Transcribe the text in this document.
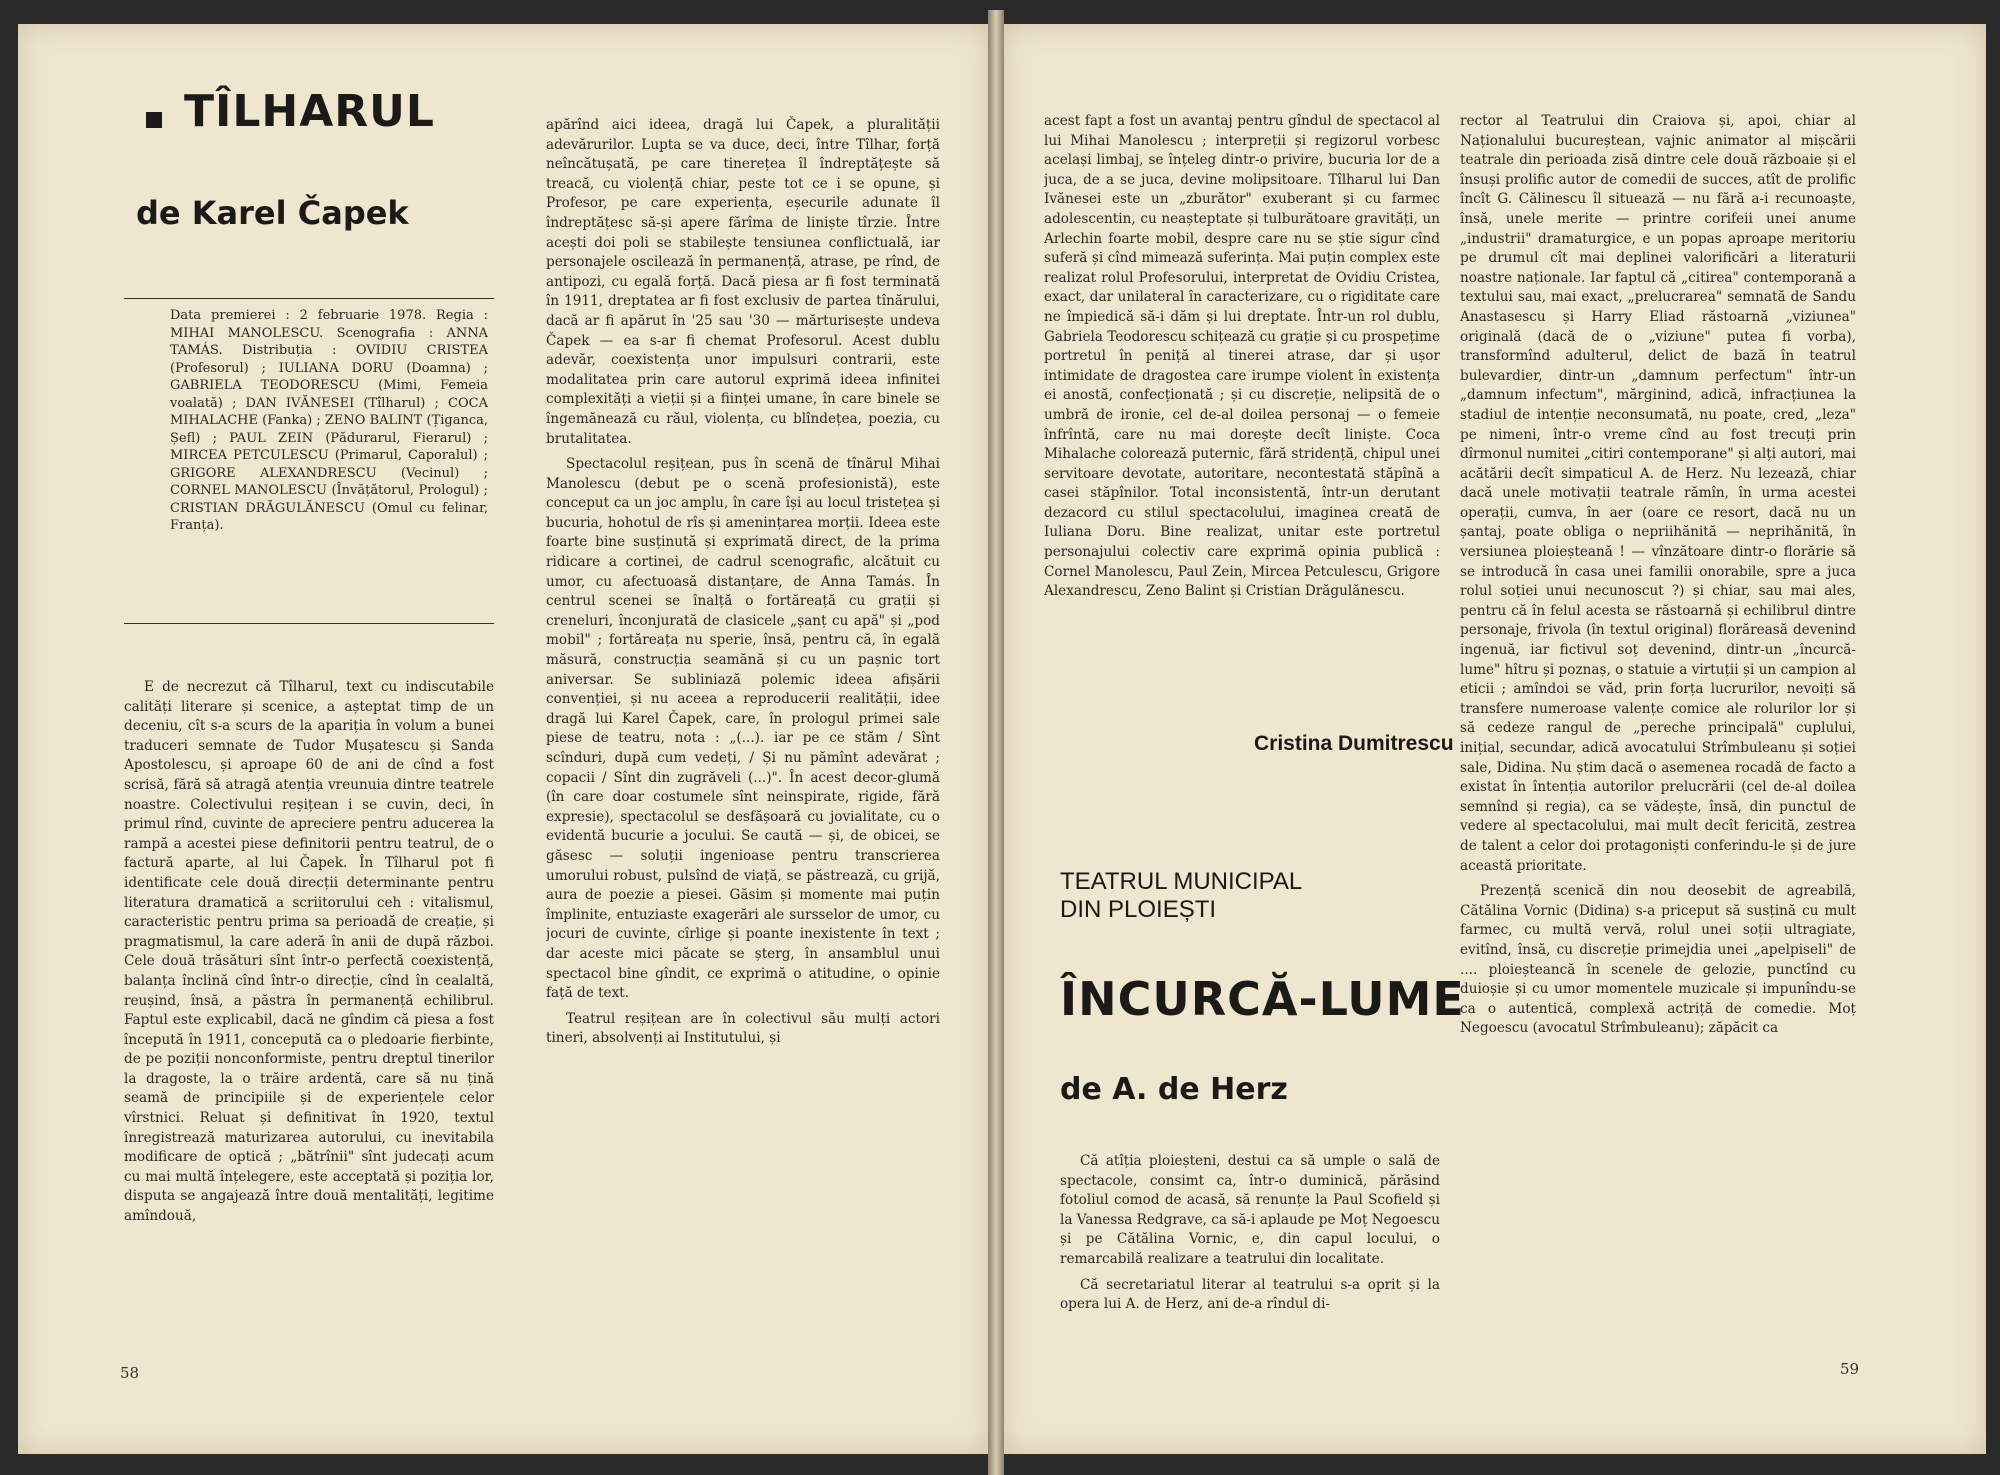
TÎLHARUL
de Karel Čapek
Data premierei : 2 februarie 1978. Regia : MIHAI MANOLESCU. Scenografia : ANNA TAMÁS. Distribuția : OVIDIU CRISTEA (Profesorul) ; IULIANA DORU (Doamna) ; GABRIELA TEODORESCU (Mimi, Femeia voalată) ; DAN IVĂNESEI (Tîlharul) ; COCA MIHALACHE (Fanka) ; ZENO BALINT (Țiganca, Șefl) ; PAUL ZEIN (Pădurarul, Fierarul) ; MIRCEA PETCULESCU (Primarul, Caporalul) ; GRIGORE ALEXANDRESCU (Vecinul) ; CORNEL MANOLESCU (Învățătorul, Prologul) ; CRISTIAN DRĂGULĂNESCU (Omul cu felinar, Franța).

E de necrezut că Tîlharul, text cu indiscutabile calități literare și scenice, a așteptat timp de un deceniu, cît s-a scurs de la apariția în volum a bunei traduceri semnate de Tudor Mușatescu și Sanda Apostolescu, și aproape 60 de ani de cînd a fost scrisă, fără să atragă atenția vreunuia dintre teatrele noastre. Colectivului reșițean i se cuvin, deci, în primul rînd, cuvinte de apreciere pentru aducerea la rampă a acestei piese definitorii pentru teatrul, de o factură aparte, al lui Čapek. În Tîlharul pot fi identificate cele două direcții determinante pentru literatura dramatică a scriitorului ceh : vitalismul, caracteristic pentru prima sa perioadă de creație, și pragmatismul, la care aderă în anii de după război. Cele două trăsături sînt într-o perfectă coexistență, balanța înclină cînd într-o direcție, cînd în cealaltă, reușind, însă, a păstra în permanență echilibrul. Faptul este explicabil, dacă ne gîndim că piesa a fost începută în 1911, concepută ca o pledoarie fierbinte, de pe poziții nonconformiste, pentru dreptul tinerilor la dragoste, la o trăire ardentă, care să nu țină seamă de principiile și de experiențele celor vîrstnici. Reluat și definitivat în 1920, textul înregistrează maturizarea autorului, cu inevitabila modificare de optică ; „bătrînii" sînt judecați acum cu mai multă înțelegere, este acceptată și poziția lor, disputa se angajează între două mentalități, legitime amîndouă,

apărînd aici ideea, dragă lui Čapek, a pluralității adevărurilor. Lupta se va duce, deci, între Tîlhar, forță neîncătușată, pe care tinerețea îl îndreptățește să treacă, cu violență chiar, peste tot ce i se opune, și Profesor, pe care experiența, eșecurile adunate îl îndreptățesc să-și apere fărîma de liniște tîrzie. Între acești doi poli se stabilește tensiunea conflictuală, iar personajele oscilează în permanență, atrase, pe rînd, de antipozi, cu egală forță. Dacă piesa ar fi fost terminată în 1911, dreptatea ar fi fost exclusiv de partea tînărului, dacă ar fi apărut în '25 sau '30 — mărturisește undeva Čapek — ea s-ar fi chemat Profesorul. Acest dublu adevăr, coexistența unor impulsuri contrarii, este modalitatea prin care autorul exprimă ideea infinitei complexități a vieții și a ființei umane, în care binele se îngemănează cu răul, violența, cu blîndețea, poezia, cu brutalitatea.

Spectacolul reșițean, pus în scenă de tînărul Mihai Manolescu (debut pe o scenă profesionistă), este conceput ca un joc amplu, în care își au locul tristețea și bucuria, hohotul de rîs și amenințarea morții. Ideea este foarte bine susținută și exprimată direct, de la prima ridicare a cortinei, de cadrul scenografic, alcătuit cu umor, cu afectuoasă distanțare, de Anna Tamás. În centrul scenei se înalță o fortăreață cu grații și creneluri, înconjurată de clasicele „șanț cu apă" și „pod mobil" ; fortăreața nu speriе, însă, pentru că, în egală măsură, construcția seamănă și cu un pașnic tort aniversar. Se subliniază polemic ideea afișării convenției, și nu aceea a reproducerii realității, idee dragă lui Karel Čapek, care, în prologul primei sale piese de teatru, nota : „(...). iar pe ce stăm / Sînt scînduri, după cum vedeți, / Și nu pămînt adevărat ; copacii / Sînt din zugrăveli (...)". În acest decor-glumă (în care doar costumele sînt neinspirate, rigide, fără expresie), spectacolul se desfășoară cu jovialitate, cu o evidentă bucurie a jocului. Se caută — și, de obicei, se găsesc — soluții ingenioase pentru transcrierea umorului robust, pulsînd de viață, se păstrează, cu grijă, aura de poezie a piesei. Găsim și momente mai puțin împlinite, entuziaste exagerări ale sursselor de umor, cu jocuri de cuvinte, cîrlige și poante inexistente în text ; dar aceste mici păcate se șterg, în ansamblul unui spectacol bine gîndit, ce exprimă o atitudine, o opinie față de text.

Teatrul reșițean are în colectivul său mulți actori tineri, absolvenți ai Institutului, și

58

acest fapt a fost un avantaj pentru gîndul de spectacol al lui Mihai Manolescu ; interpreții și regizorul vorbesc același limbaj, se înțeleg dintr-o privire, bucuria lor de a juca, de a se juca, devine molipsitoare. Tîlharul lui Dan Ivănesei este un „zburător" exuberant și cu farmec adolescentin, cu neașteptate și tulburătoare gravități, un Arlechin foarte mobil, despre care nu se știe sigur cînd suferă și cînd mimează suferința. Mai puțin complex este realizat rolul Profesorului, interpretat de Ovidiu Cristea, exact, dar unilateral în caracterizare, cu o rigiditate care ne împiedică să-i dăm și lui dreptate. Într-un rol dublu, Gabriela Teodorescu schițează cu grație și cu prospețime portretul în peniță al tinerei atrase, dar și ușor intimidate de dragostea care irumpe violent în existența ei anostă, confecționată ; și cu discreție, nelipsită de o umbră de ironie, cel de-al doilea personaj — o femeie înfrîntă, care nu mai dorește decît liniște. Coca Mihalache colorează puternic, fără stridență, chipul unei servitoare devotate, autoritare, necontestată stăpînă a casei stăpînilor. Total inconsistentă, într-un derutant dezacord cu stilul spectacolului, imaginea creată de Iuliana Doru. Bine realizat, unitar este portretul personajului colectiv care exprimă opinia publică : Cornel Manolescu, Paul Zein, Mircea Petculescu, Grigore Alexandrescu, Zeno Balint și Cristian Drăgulănescu.

Cristina Dumitrescu
TEATRUL MUNICIPAL
DIN PLOIEȘTI
ÎNCURCĂ-LUME
de A. de Herz

Că atîția ploieșteni, destui ca să umple o sală de spectacole, consimt ca, într-o duminică, părăsind fotoliul comod de acasă, să renunțe la Paul Scofield și la Vanessa Redgrave, ca să-i aplaude pe Moț Negoescu și pe Cătălina Vornic, e, din capul locului, o remarcabilă realizare a teatrului din localitate.

Că secretariatul literar al teatrului s-a oprit și la opera lui A. de Herz, ani de-a rîndul di-

rector al Teatrului din Craiova și, apoi, chiar al Naționalului bucureștean, vajnic animator al mișcării teatrale din perioada zisă dintre cele două războaie și el însuși prolific autor de comedii de succes, atît de prolific încît G. Călinescu îl situează — nu fără a-i recunoaște, însă, unele merite — printre corifeii unei anume „industrii" dramaturgice, e un popas aproape meritoriu pe drumul cît mai deplinei valorificări a literaturii noastre naționale. Iar faptul că „citirea" contemporană a textului sau, mai exact, „prelucrarea" semnată de Sandu Anastasescu și Harry Eliad răstoarnă „viziunea" originală (dacă de o „viziune" putea fi vorba), transformînd adulterul, delict de bază în teatrul bulevardier, dintr-un „damnum perfectum" într-un „damnum infectum", mărginind, adică, infracțiunea la stadiul de intenție neconsumată, nu poate, cred, „leza" pe nimeni, într-o vreme cînd au fost trecuți prin dîrmonul numitei „citiri contemporane" și alți autori, mai acătării decît simpaticul A. de Herz. Nu lezează, chiar dacă unele motivații teatrale rămîn, în urma acestei operații, cumva, în aer (oare ce resort, dacă nu un șantaj, poate obliga o nepriihănită — neprihănită, în versiunea ploieșteană ! — vînzătoare dintr-o florărie să se introducă în casa unei familii onorabile, spre a juca rolul soției unui necunoscut ?) și chiar, sau mai ales, pentru că în felul acesta se răstoarnă și echilibrul dintre personaje, frivola (în textul original) florăreasă devenind ingenuă, iar fictivul soț devenind, dintr-un „încurcă-lume" hîtru și poznaș, o statuie a virtuții și un campion al eticii ; amîndoi se văd, prin forța lucrurilor, nevoiți să transfere numeroase valențe comice ale rolurilor lor și să cedeze rangul de „pereche principală" cuplului, inițial, secundar, adică avocatului Strîmbuleanu și soției sale, Didina. Nu știm dacă o asemenea rocadă de facto a existat în întențiа autorilor prelucrării (cel de-al doilea semnînd și regia), ca se vădește, însă, din punctul de vedere al spectacolului, mai mult decît fericită, zestrea de talent a celor doi protagoniști conferindu-le și de jure această prioritate.

Prezență scenică din nou deosebit de agreabilă, Cătălina Vornic (Didina) s-a priceput să susțină cu mult farmec, cu multă vervă, rolul unei soții ultragiate, evitînd, însă, cu discreție primejdia unei „apelpiseli" de .... ploieșteancă în scenele de gelozie, punctînd cu duioșie și cu umor momentele muzicale și impunîndu-se ca o autentică, complexă actriță de comedie. Moț Negoescu (avocatul Strîmbuleanu); zăpăcit ca

59
